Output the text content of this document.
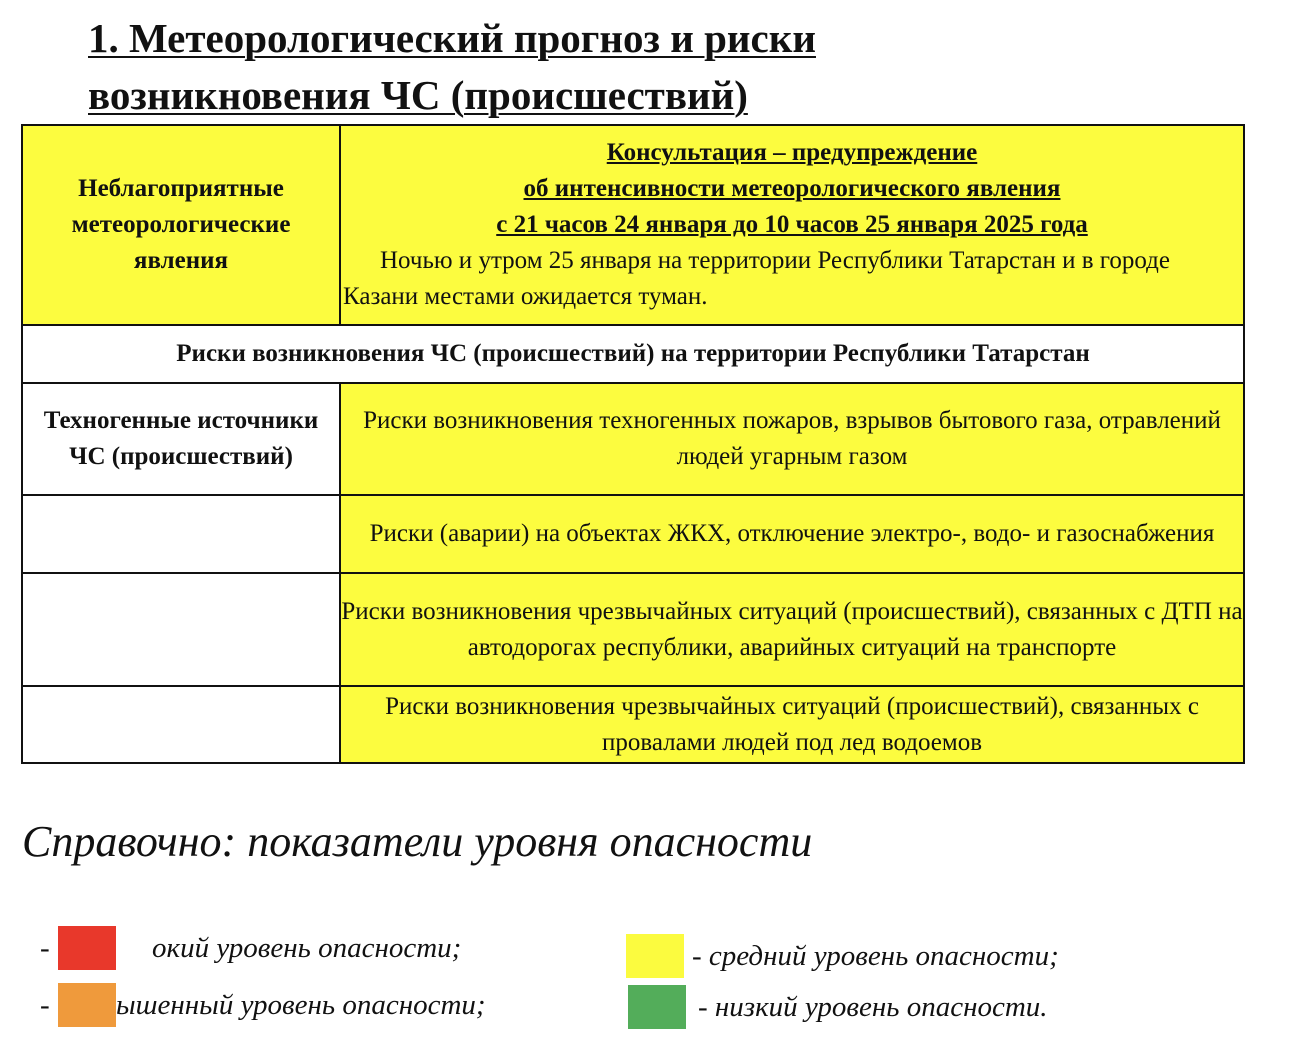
1. Метеорологический прогноз и риски
возникновения ЧС (происшествий)
Неблагоприятные метеорологические явления	Консультация – предупреждение
об интенсивности метеорологического явления
с 21 часов 24 января до 10 часов 25 января 2025 года
Ночью и утром 25 января на территории Республики Татарстан и в городе Казани местами ожидается туман.

Риски возникновения ЧС (происшествий) на территории Республики Татарстан	
Техногенные источники ЧС (происшествий)	Риски возникновения техногенных пожаров, взрывов бытового газа, отравлений людей угарным газом
	Риски (аварии) на объектах ЖКХ, отключение электро-, водо- и газоснабжения
	Риски возникновения чрезвычайных ситуаций (происшествий), связанных с ДТП на автодорогах республики, аварийных ситуаций на транспорте
	Риски возникновения чрезвычайных ситуаций (происшествий), связанных с провалами людей под лед водоемов
Справочно: показатели уровня опасности
-	окий уровень опасности;
- ышенный уровень опасности;
- средний уровень опасности;
- низкий уровень опасности.
